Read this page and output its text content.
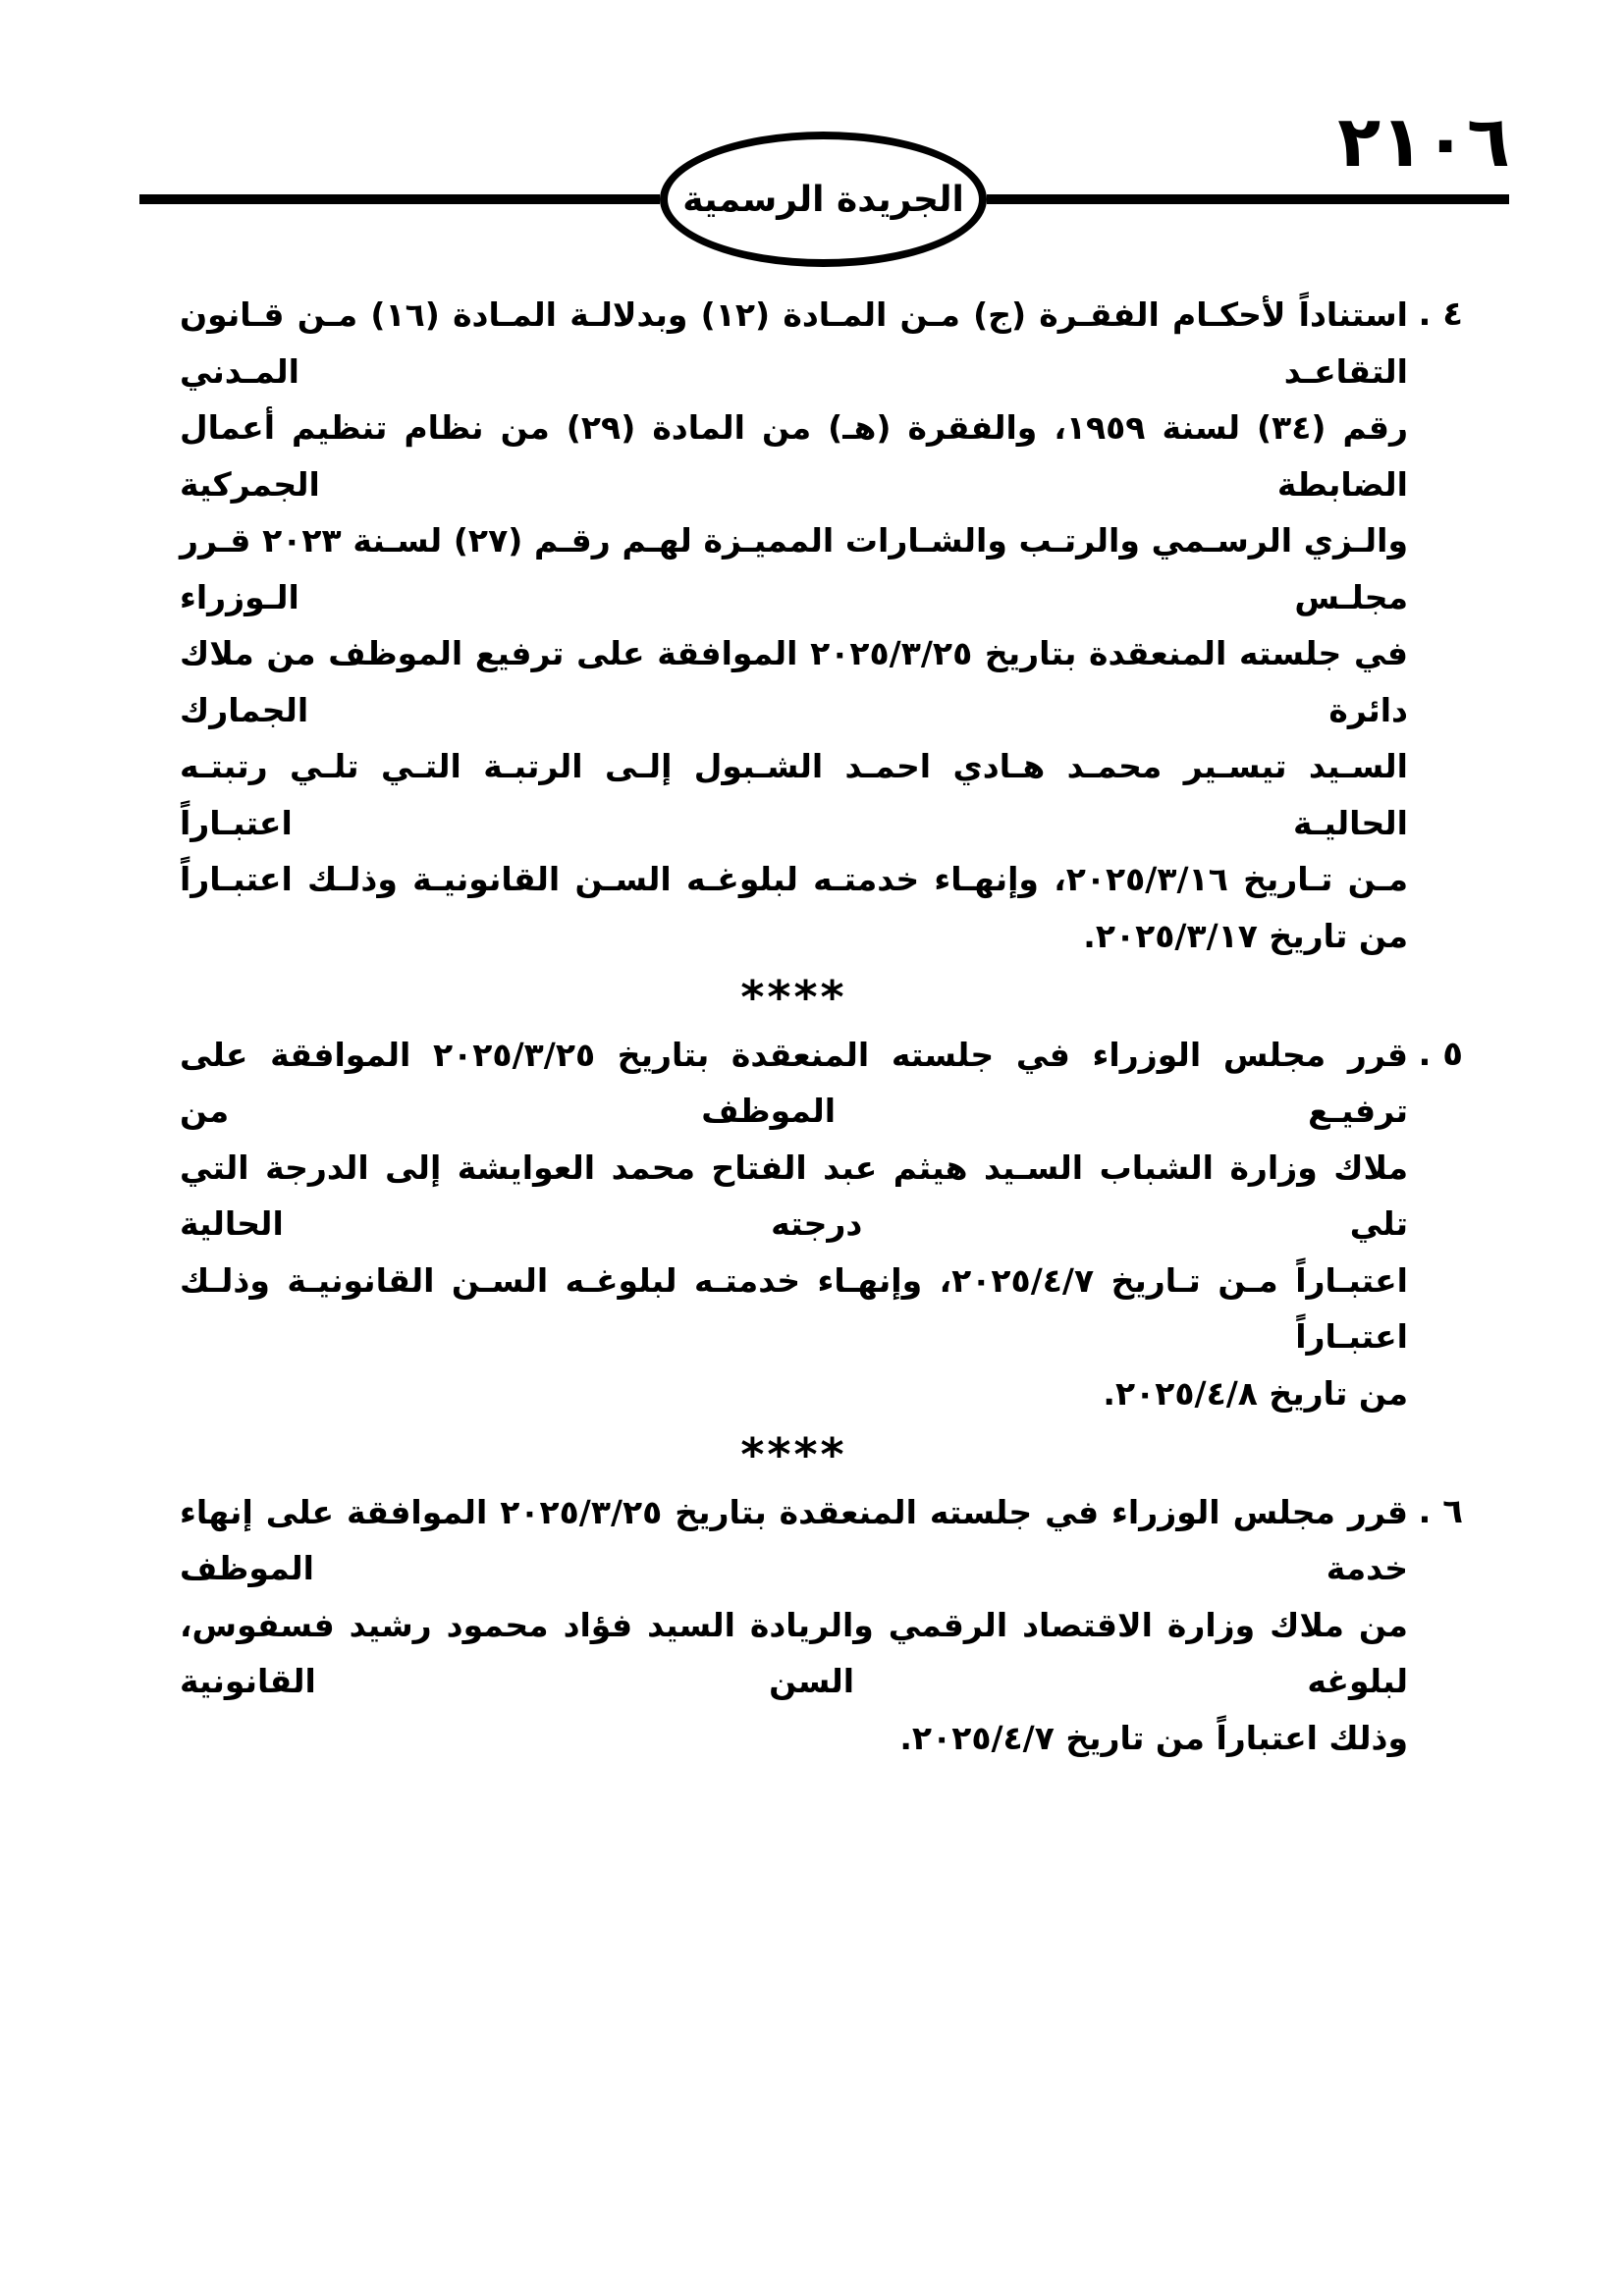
٢١٠٦
الجريدة الرسمية
٤ .
استناداً لأحكـام الفقـرة (ج) مـن المـادة (١٢) وبدلالـة المـادة (١٦) مـن قـانون التقاعـد المـدني
رقم (٣٤) لسنة ١٩٥٩، والفقرة (هـ) من المادة (٢٩) من نظام تنظيم أعمال الضابطة الجمركية
والـزي الرسـمي والرتـب والشـارات المميـزة لهـم رقـم (٢٧) لسـنة ٢٠٢٣ قـرر مجلـس الـوزراء
في جلسته المنعقدة بتاريخ ٢٠٢٥/٣/٢٥ الموافقة على ترفيع الموظف من ملاك دائرة الجمارك
السـيد تيسـير محمـد هـادي احمـد الشـبول إلـى الرتبـة التـي تلـي رتبتـه الحاليـة اعتبـاراً
مـن تـاريخ ٢٠٢٥/٣/١٦، وإنهـاء خدمتـه لبلوغـه السـن القانونيـة وذلـك اعتبـاراً
من تاريخ ٢٠٢٥/٣/١٧.
****
٥ .
قرر مجلس الوزراء في جلسته المنعقدة بتاريخ ٢٠٢٥/٣/٢٥ الموافقة على ترفيـع الموظف من
ملاك وزارة الشباب السـيد هيثم عبد الفتاح محمد العوايشة إلى الدرجة التي تلي درجته الحالية
اعتبـاراً مـن تـاريخ ٢٠٢٥/٤/٧، وإنهـاء خدمتـه لبلوغـه السـن القانونيـة وذلـك اعتبـاراً
من تاريخ ٢٠٢٥/٤/٨.
****
٦ .
قرر مجلس الوزراء في جلسته المنعقدة بتاريخ ٢٠٢٥/٣/٢٥ الموافقة على إنهاء خدمة الموظف
من ملاك وزارة الاقتصاد الرقمي والريادة السيد فؤاد محمود رشيد فسفوس، لبلوغه السن القانونية
وذلك اعتباراً من تاريخ ٢٠٢٥/٤/٧.
